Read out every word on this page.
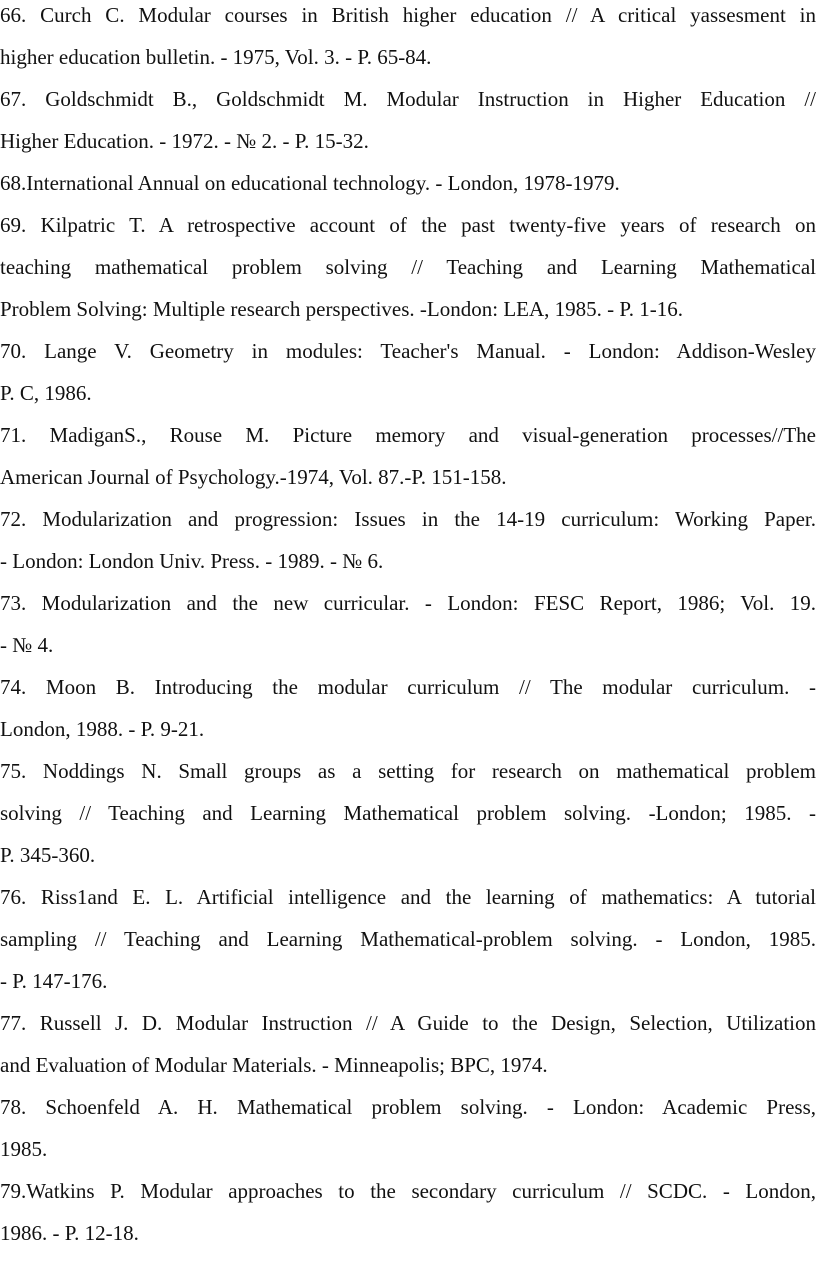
66. Curch C. Modular courses in British higher education // A critical yassesment in
higher education bulletin. - 1975, Vol. 3. - P. 65-84.
67. Goldschmidt B., Goldschmidt M. Modular Instruction in Higher Education //
Higher Education. - 1972. - № 2. - P. 15-32.
68.International Annual on educational technology. - London, 1978-1979.
69. Kilpatric T. A retrospective account of the past twenty-five years of research on
teaching mathematical problem solving // Teaching and Learning Mathematical
Problem Solving: Multiple research perspectives. -London: LEA, 1985. - P. 1-16.
70. Lange V. Geometry in modules: Teacher's Manual. - London: Addison-Wesley
P. C, 1986.
71. MadiganS., Rouse M. Picture memory and visual-generation processes//The
American Journal of Psychology.-1974, Vol. 87.-P. 151-158.
72. Modularization and progression: Issues in the 14-19 curriculum: Working Paper.
- London: London Univ. Press. - 1989. - № 6.
73. Modularization and the new curricular. - London: FESC Report, 1986; Vol. 19.
- № 4.
74. Moon B. Introducing the modular curriculum // The modular curriculum. -
London, 1988. - P. 9-21.
75. Noddings N. Small groups as a setting for research on mathematical problem
solving // Teaching and Learning Mathematical problem solving. -London; 1985. -
P. 345-360.
76. Riss1and E. L. Artificial intelligence and the learning of mathematics: A tutorial
sampling // Teaching and Learning Mathematical-problem solving. - London, 1985.
- P. 147-176.
77. Russell J. D. Modular Instruction // A Guide to the Design, Selection, Utilization
and Evaluation of Modular Materials. - Minneapolis; BPC, 1974.
78. Schoenfeld A. H. Mathematical problem solving. - London: Academic Press,
1985.
79.Watkins P. Modular approaches to the secondary curriculum // SCDC. - London,
1986. - P. 12-18.
